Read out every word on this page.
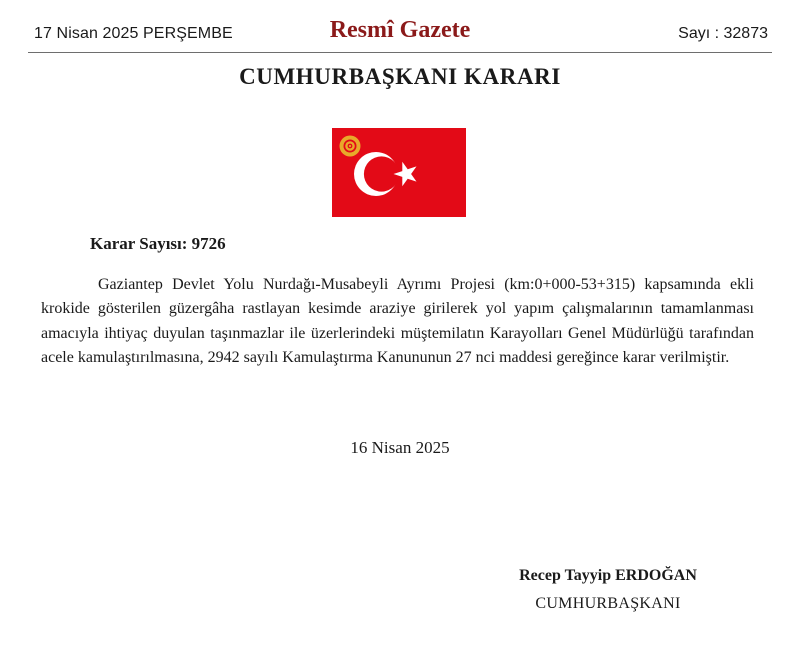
17 Nisan 2025 PERŞEMBE	Resmî Gazete	Sayı : 32873
CUMHURBAŞKANI KARARI
Karar Sayısı: 9726

Gaziantep Devlet Yolu Nurdağı-Musabeyli Ayrımı Projesi (km:0+000-53+315) kapsamında ekli krokide gösterilen güzergâha rastlayan kesimde araziye girilerek yol yapım çalışmalarının tamamlanması amacıyla ihtiyaç duyulan taşınmazlar ile üzerlerindeki müştemilatın Karayolları Genel Müdürlüğü tarafından acele kamulaştırılmasına, 2942 sayılı Kamulaştırma Kanununun 27 nci maddesi gereğince karar verilmiştir.

16 Nisan 2025
Recep Tayyip ERDOĞAN
CUMHURBAŞKANI
